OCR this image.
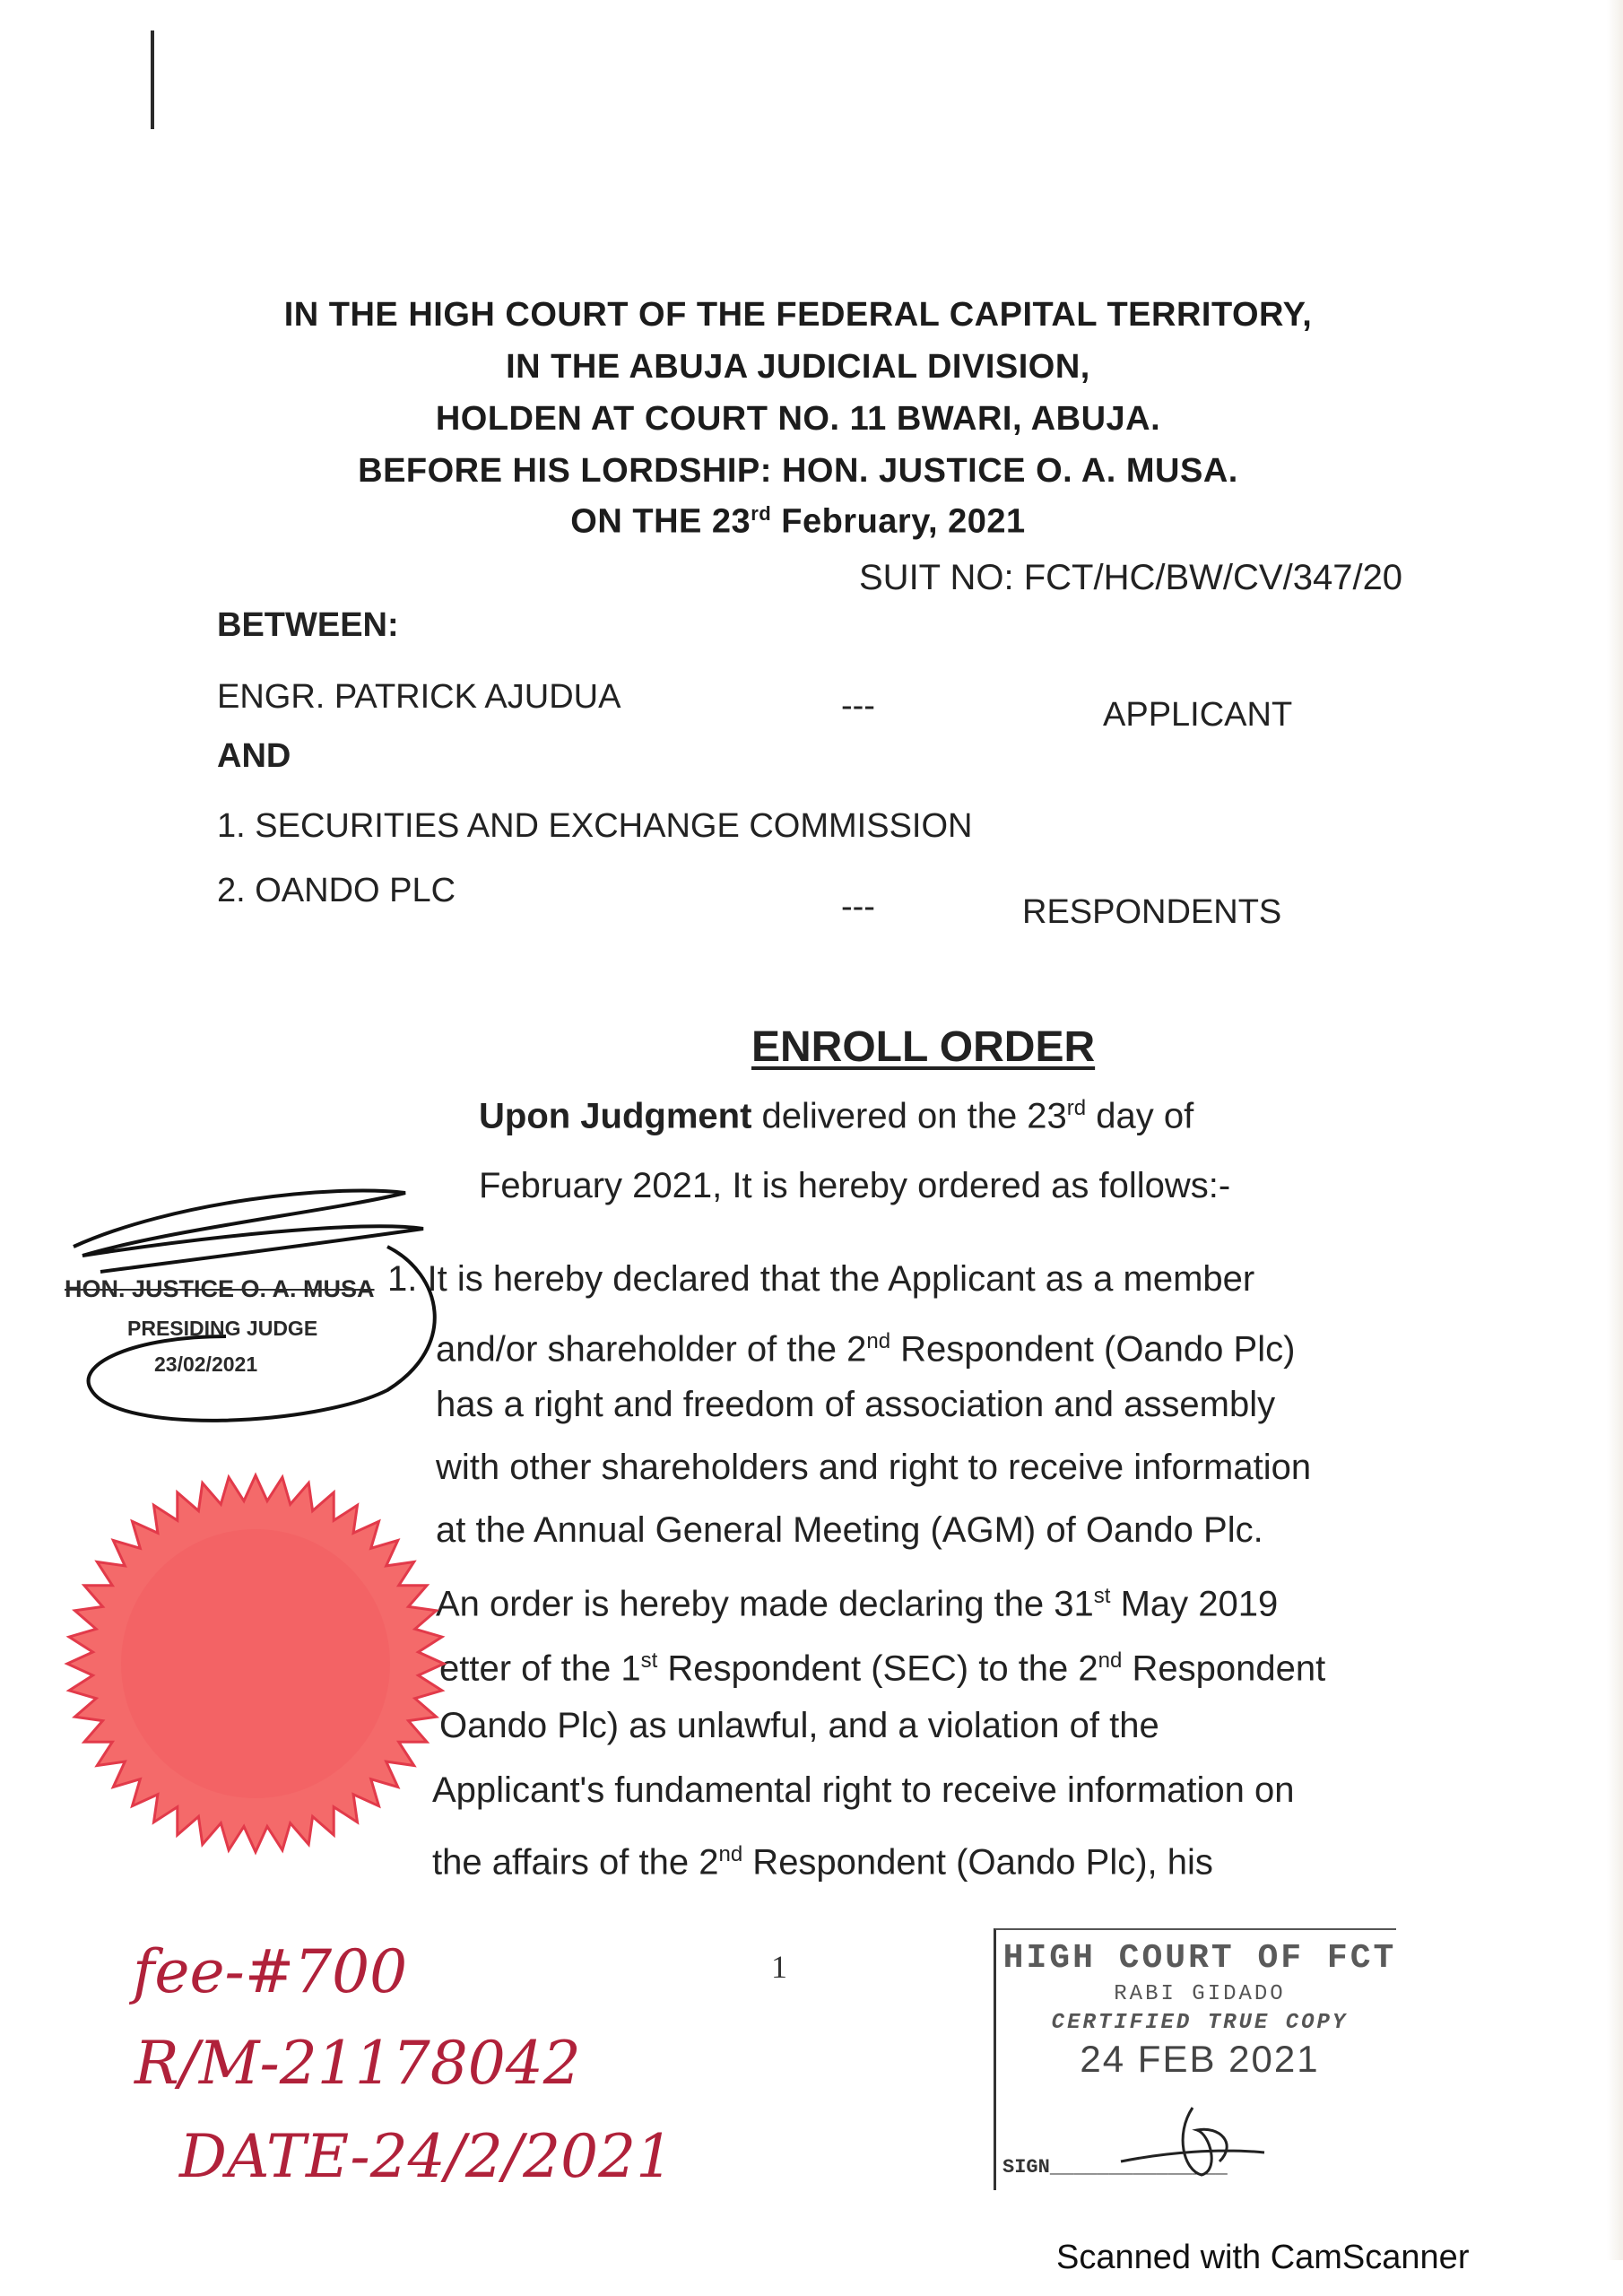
IN THE HIGH COURT OF THE FEDERAL CAPITAL TERRITORY,
IN THE ABUJA JUDICIAL DIVISION,
HOLDEN AT COURT NO. 11 BWARI, ABUJA.
BEFORE HIS LORDSHIP: HON. JUSTICE O. A. MUSA.
ON THE 23rd February, 2021
SUIT NO: FCT/HC/BW/CV/347/20
BETWEEN:
ENGR. PATRICK AJUDUA	---	APPLICANT
AND
1. SECURITIES AND EXCHANGE COMMISSION
2. OANDO PLC	---	RESPONDENTS
ENROLL ORDER
Upon Judgment delivered on the 23rd day of
February 2021, It is hereby ordered as follows:-
1. It is hereby declared that the Applicant as a member
and/or shareholder of the 2nd Respondent (Oando Plc)
has a right and freedom of association and assembly
with other shareholders and right to receive information
at the Annual General Meeting (AGM) of Oando Plc.
An order is hereby made declaring the 31st May 2019
etter of the 1st Respondent (SEC) to the 2nd Respondent
Oando Plc) as unlawful, and a violation of the
Applicant's fundamental right to receive information on
the affairs of the 2nd Respondent (Oando Plc), his
HON. JUSTICE O. A. MUSA
PRESIDING JUDGE
23/02/2021
1
fee-#700
R/M-21178042
DATE-24/2/2021
HIGH COURT OF FCT
RABI GIDADO
CERTIFIED TRUE COPY
24 FEB 2021
SIGN_______________
Scanned with CamScanner
